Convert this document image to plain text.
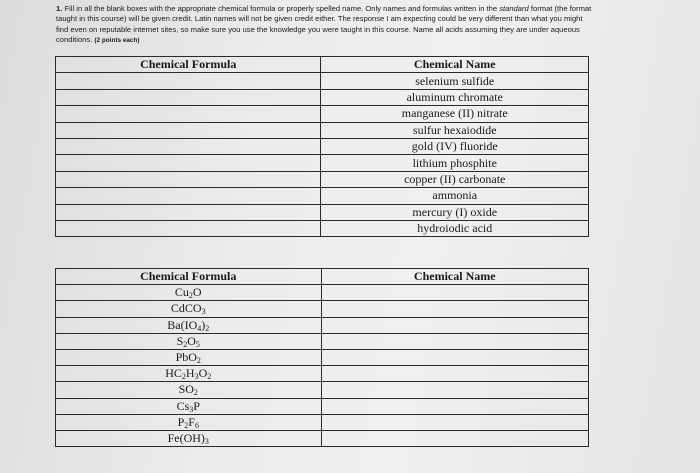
1. Fill in all the blank boxes with the appropriate chemical formula or properly spelled name. Only names and formulas written in the standard format (the format taught in this course) will be given credit. Latin names will not be given credit either. The response I am expecting could be very different than what you might find even on reputable internet sites, so make sure you use the knowledge you were taught in this course. Name all acids assuming they are under aqueous conditions. (2 points each)
Chemical Formula	Chemical Name
	selenium sulfide
	aluminum chromate
	manganese (II) nitrate
	sulfur hexaiodide
	gold (IV) fluoride
	lithium phosphite
	copper (II) carbonate
	ammonia
	mercury (I) oxide
	hydroiodic acid
Chemical Formula	Chemical Name
$Cu_2O$	
CdCO$_3$	
$Ba(IO_4)_2$	
$S_2O_5$	
PbO$_2$	
$HC_2H_3O_2$	
$SO_2$	
$Cs_3P$	
$P_2F_6$	
$Fe(OH)_3$	
